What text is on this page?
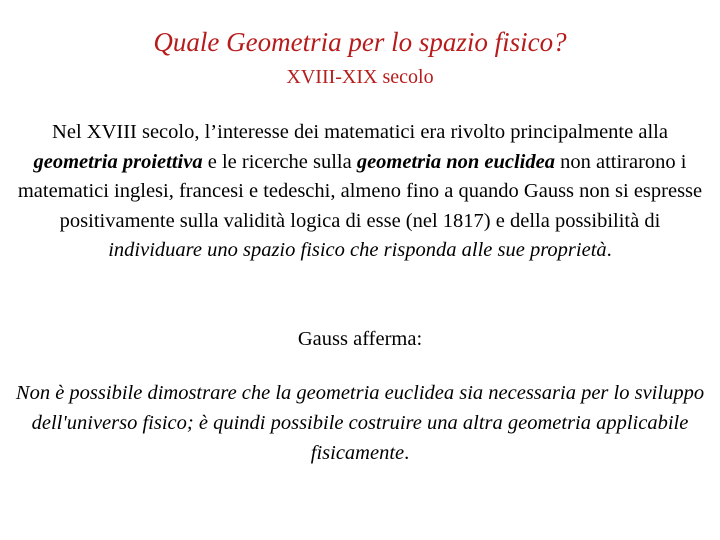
Quale Geometria per lo spazio fisico?
XVIII-XIX secolo
Nel XVIII secolo, l’interesse dei matematici era rivolto principalmente alla geometria proiettiva e le ricerche sulla geometria non euclidea non attirarono i matematici inglesi, francesi e tedeschi, almeno fino a quando Gauss non si espresse positivamente sulla validità logica di esse (nel 1817) e della possibilità di individuare uno spazio fisico che risponda alle sue proprietà.
Gauss afferma:
Non è possibile dimostrare che la geometria euclidea sia necessaria per lo sviluppo dell'universo fisico; è quindi possibile costruire una altra geometria applicabile fisicamente.
